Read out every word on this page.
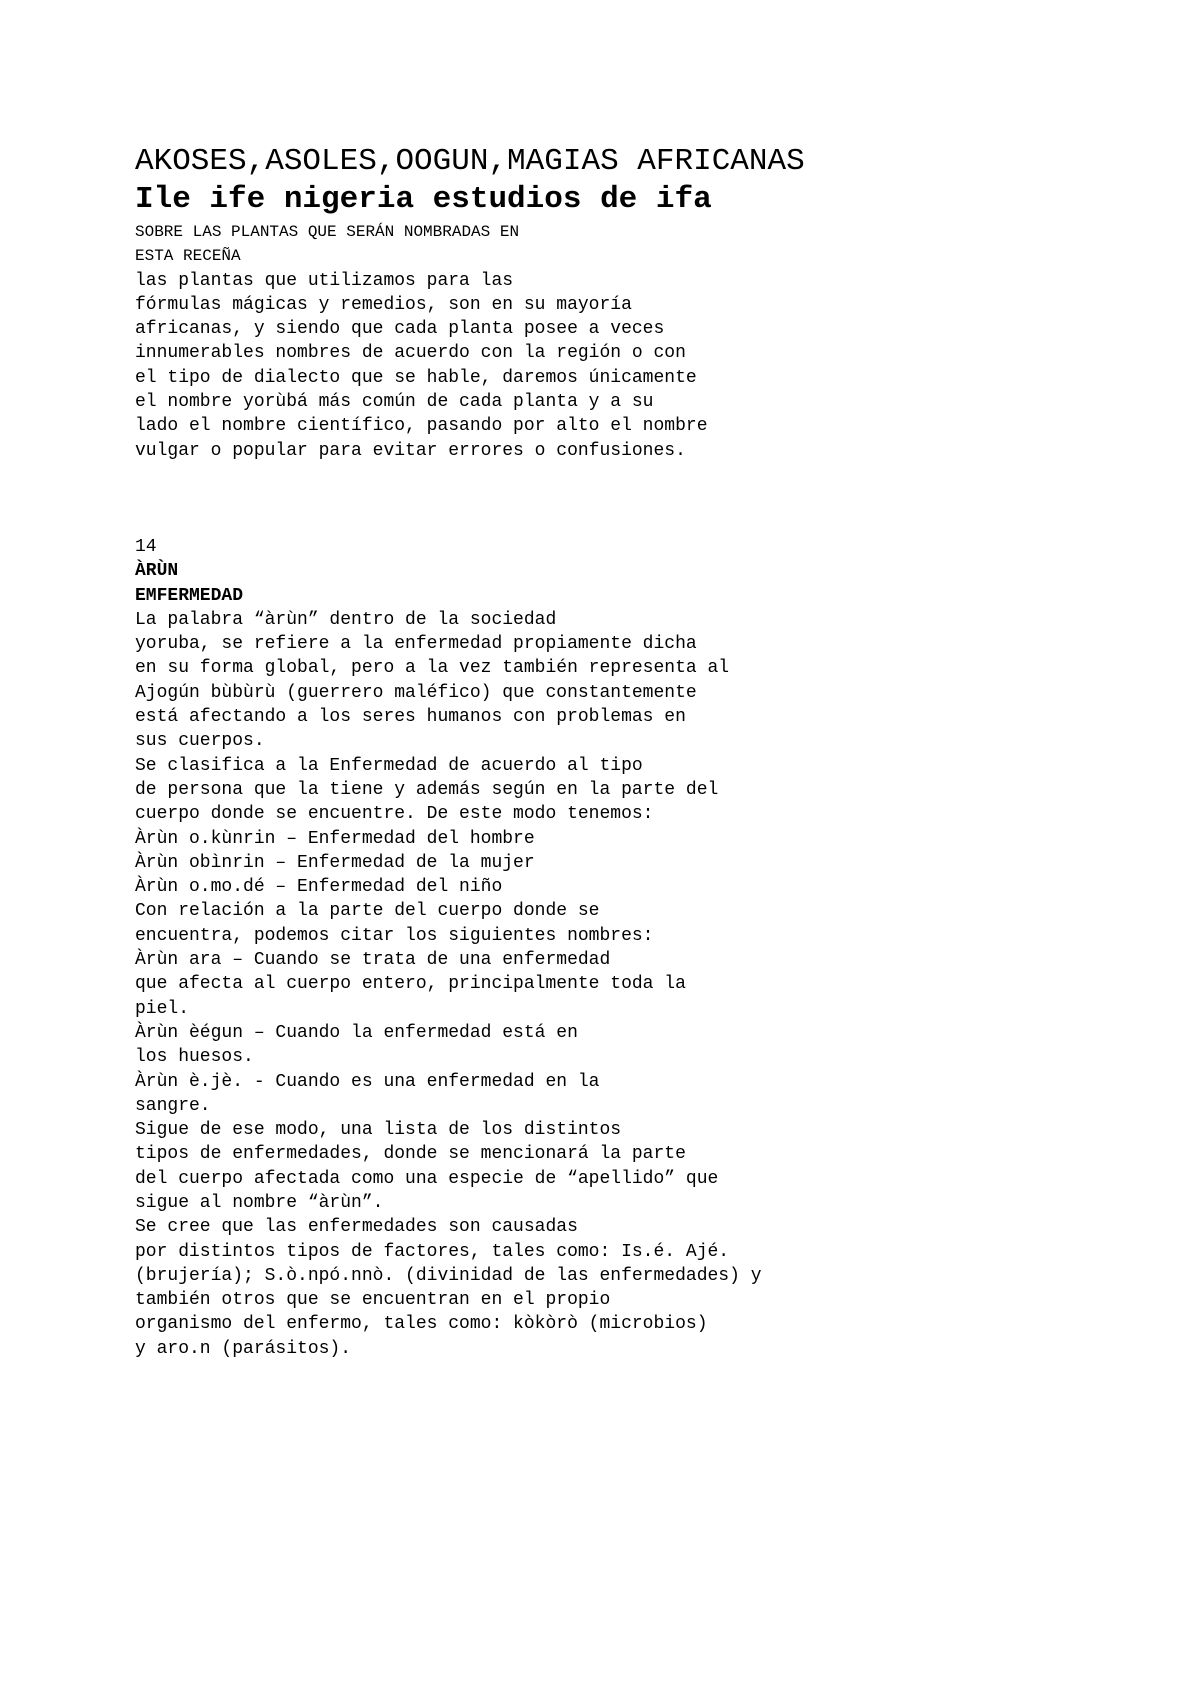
AKOSES,ASOLES,OOGUN,MAGIAS AFRICANAS
Ile ife nigeria estudios de ifa

SOBRE LAS PLANTAS QUE SERÁN NOMBRADAS EN

ESTA RECEÑA

las plantas que utilizamos para las

fórmulas mágicas y remedios, son en su mayoría

africanas, y siendo que cada planta posee a veces

innumerables nombres de acuerdo con la región o con

el tipo de dialecto que se hable, daremos únicamente

el nombre yorùbá más común de cada planta y a su

lado el nombre científico, pasando por alto el nombre

vulgar o popular para evitar errores o confusiones.

14

ÀRÙN

EMFERMEDAD

La palabra “àrùn” dentro de la sociedad

yoruba, se refiere a la enfermedad propiamente dicha

en su forma global, pero a la vez también representa al

Ajogún bùbùrù (guerrero maléfico) que constantemente

está afectando a los seres humanos con problemas en

sus cuerpos.

Se clasifica a la Enfermedad de acuerdo al tipo

de persona que la tiene y además según en la parte del

cuerpo donde se encuentre. De este modo tenemos:

Àrùn o.kùnrin – Enfermedad del hombre

Àrùn obìnrin – Enfermedad de la mujer

Àrùn o.mo.dé – Enfermedad del niño

Con relación a la parte del cuerpo donde se

encuentra, podemos citar los siguientes nombres:

Àrùn ara – Cuando se trata de una enfermedad

que afecta al cuerpo entero, principalmente toda la

piel.

Àrùn èégun – Cuando la enfermedad está en

los huesos.

Àrùn è.jè. - Cuando es una enfermedad en la

sangre.

Sigue de ese modo, una lista de los distintos

tipos de enfermedades, donde se mencionará la parte

del cuerpo afectada como una especie de “apellido” que

sigue al nombre “àrùn”.

Se cree que las enfermedades son causadas

por distintos tipos de factores, tales como: Is.é. Ajé.

(brujería); S.ò.npó.nnò. (divinidad de las enfermedades) y

también otros que se encuentran en el propio

organismo del enfermo, tales como: kòkòrò (microbios)

y aro.n (parásitos).
